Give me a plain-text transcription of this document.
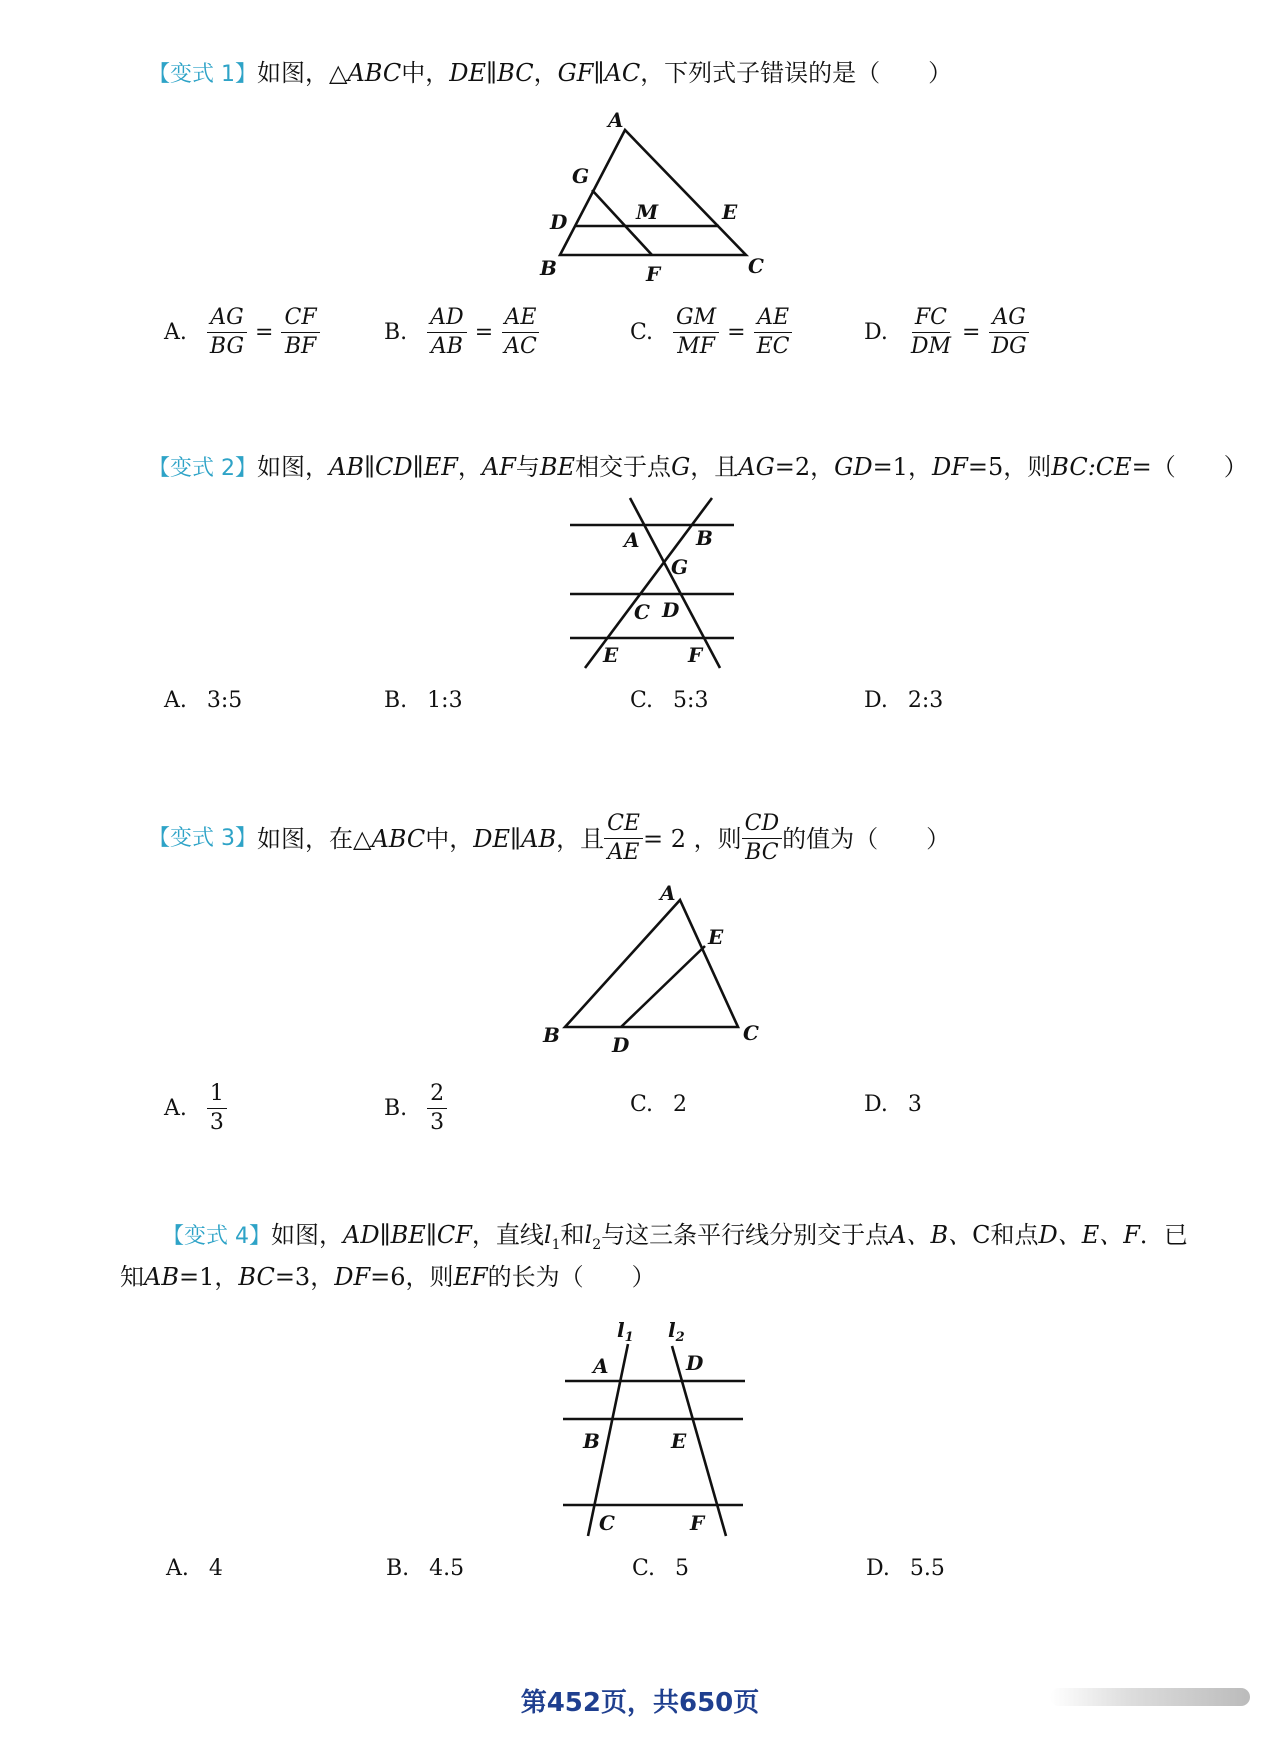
【变式 1】如图，△ABC中，DE∥BC，GF∥AC，下列式子错误的是（　　）
A
G
D	M	E
B	F	C
A. $\frac{AG}{BG} = \frac{CF}{BF}$	B. $\frac{AD}{AB} = \frac{AE}{AC}$	C. $\frac{GM}{MF} = \frac{AE}{EC}$	D. $\frac{FC}{DM} = \frac{AG}{DG}$
【变式 2】如图，AB∥CD∥EF，AF与BE相交于点G，且AG=2，GD=1，DF=5，则BC:CE=（　　）
A	B
G
C D
E	F
A. 3:5	B. 1:3	C. 5:3	D. 2:3
【变式 3】 如图，在△ ABC 中， DE ∥ AB ，且 $\frac{CE}{AE} = 2$ ，则 $\frac{CD}{BC}$ 的值为（　　）
A
E
B	D	C
A. $\frac{1}{3}$	B. $\frac{2}{3}$	C. 2	D. 3
【变式 4】如图，AD∥BE∥CF，直线$l_1$和$l_2$与这三条平行线分别交于点A、B、C和点D、E、F．已
知AB=1，BC=3，DF=6，则EF的长为（　　）
$l_1$ $l_2$
A	D
B	E
C	F
A. 4	B. 4.5	C. 5	D. 5.5
第452页，共650页
